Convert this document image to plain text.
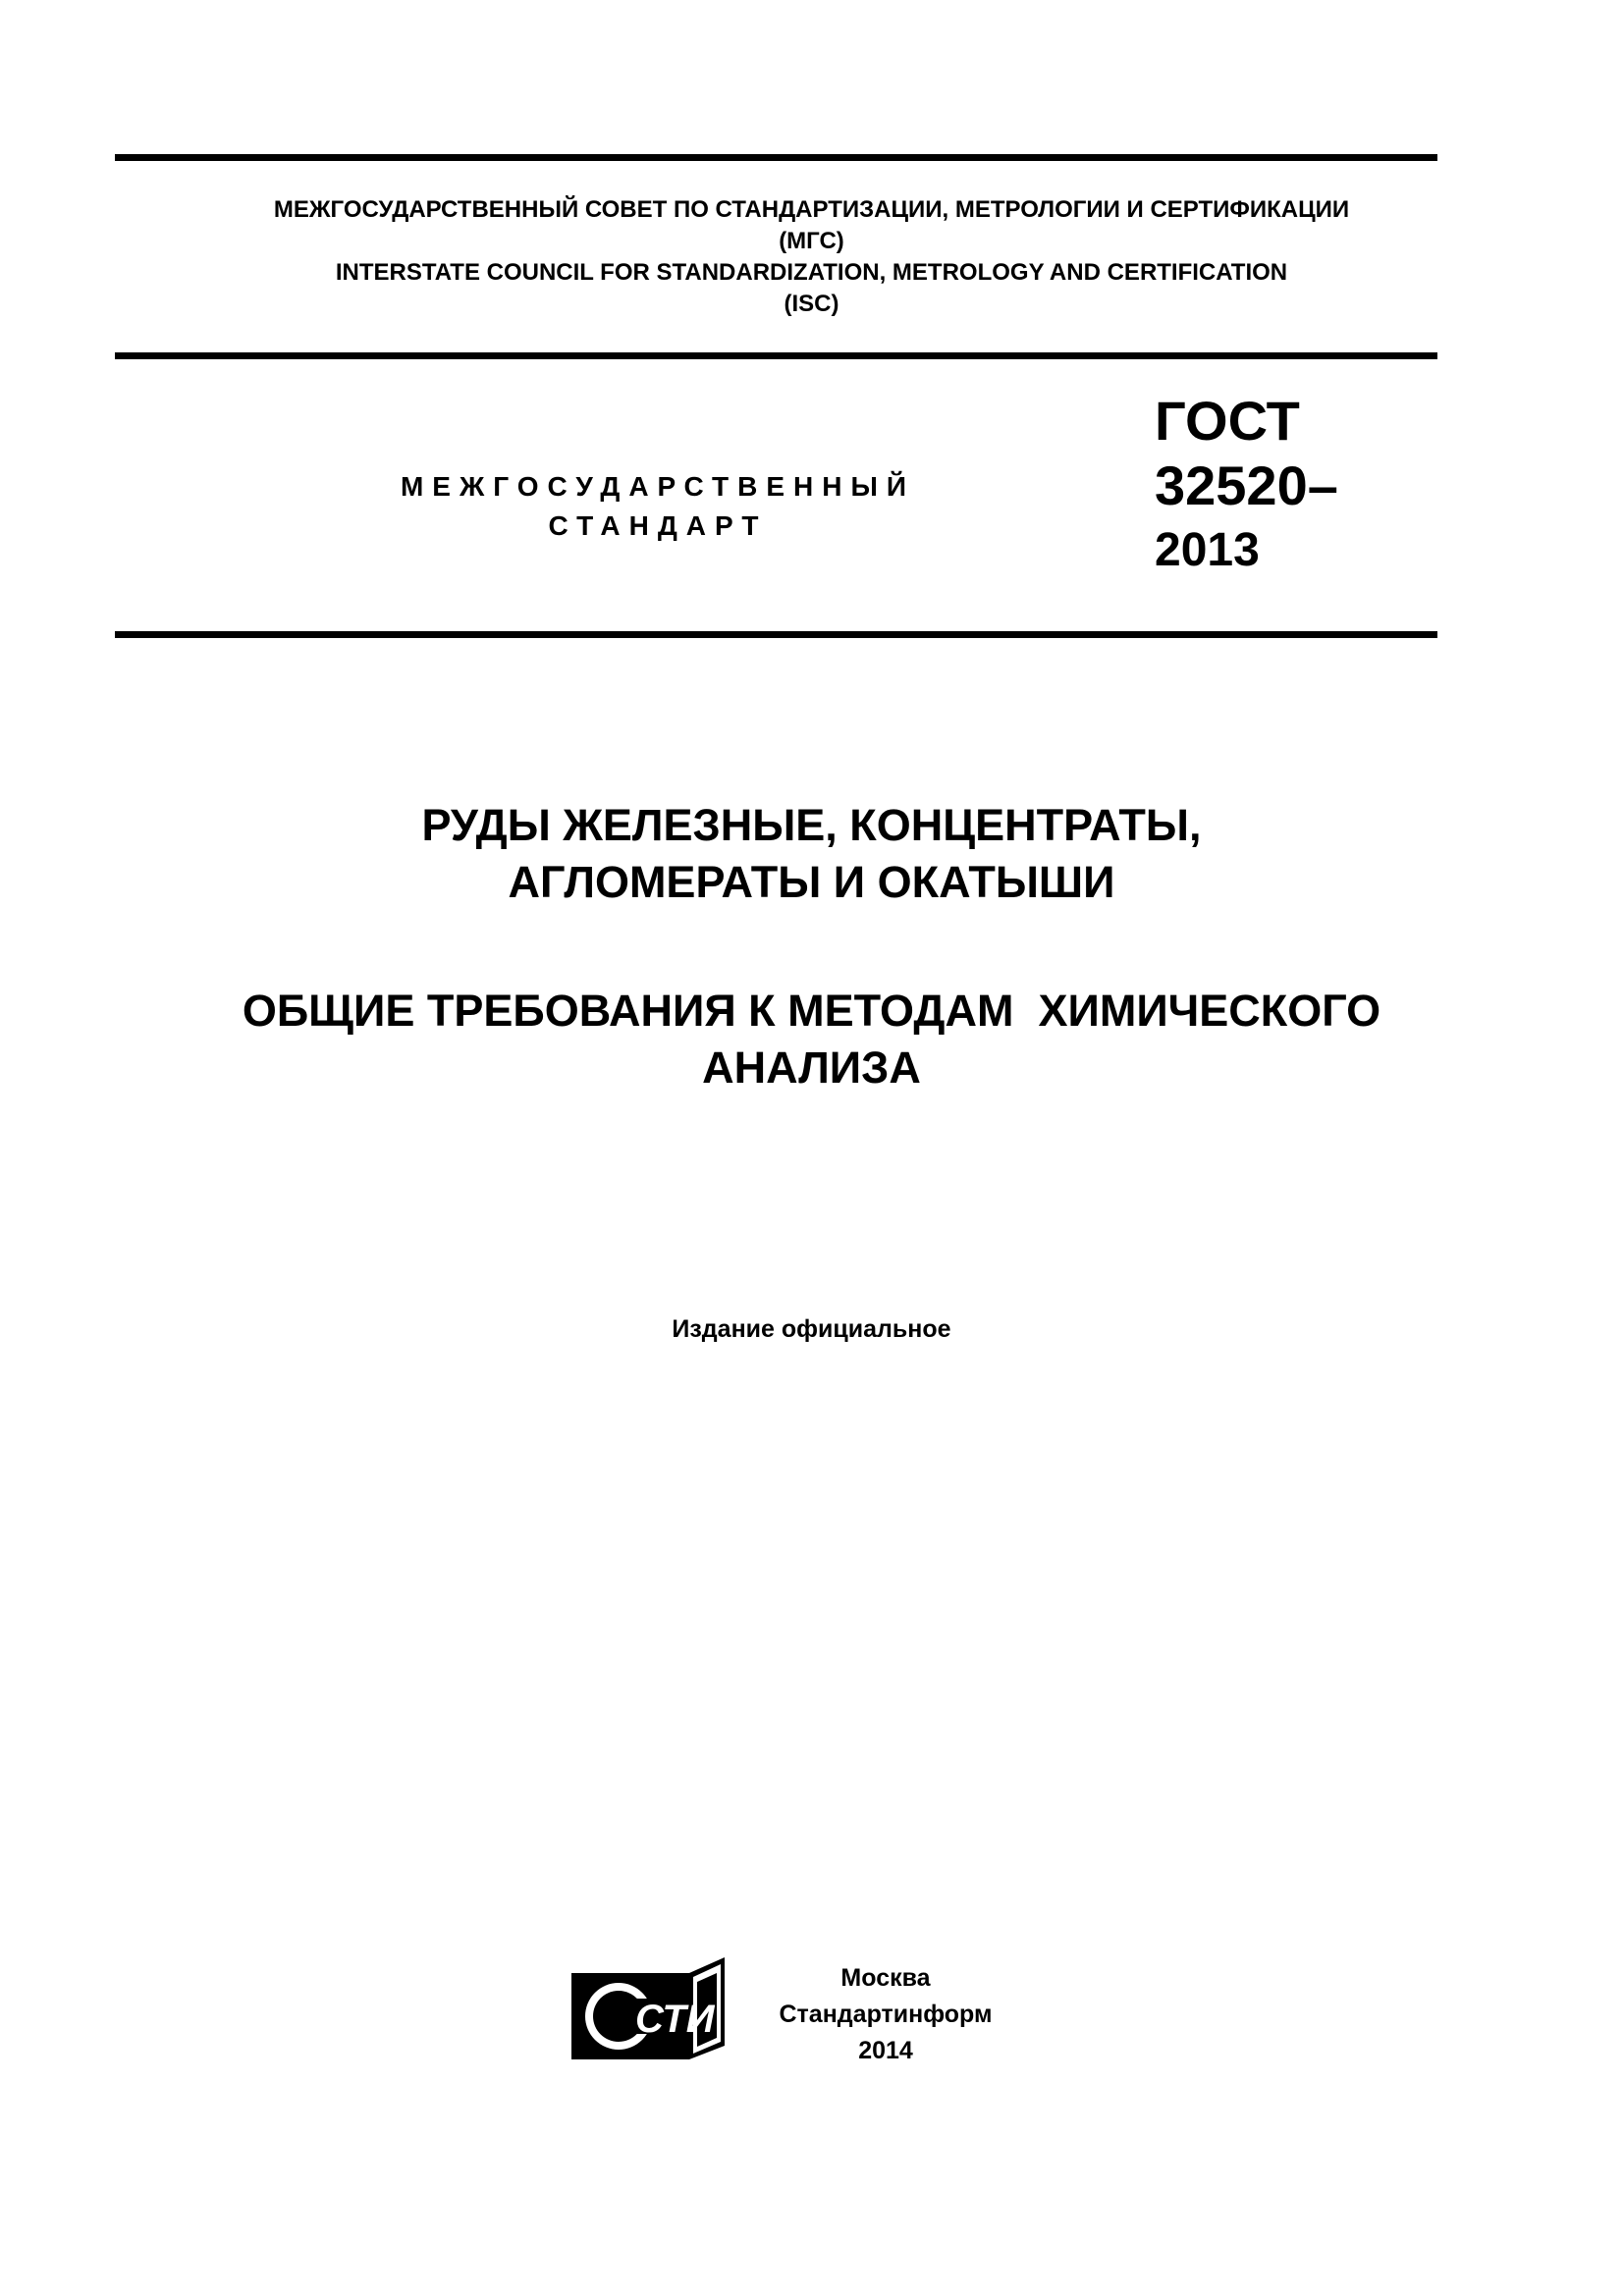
МЕЖГОСУДАРСТВЕННЫЙ СОВЕТ ПО СТАНДАРТИЗАЦИИ, МЕТРОЛОГИИ И СЕРТИФИКАЦИИ
(МГС)
INTERSTATE COUNCIL FOR STANDARDIZATION, METROLOGY AND CERTIFICATION
(ISC)
МЕЖГОСУДАРСТВЕННЫЙ
СТАНДАРТ
ГОСТ
32520–
2013
РУДЫ ЖЕЛЕЗНЫЕ, КОНЦЕНТРАТЫ,
АГЛОМЕРАТЫ И ОКАТЫШИ
ОБЩИЕ ТРЕБОВАНИЯ К МЕТОДАМ  ХИМИЧЕСКОГО
АНАЛИЗА
Издание официальное
СТИ
Москва
Стандартинформ
2014
